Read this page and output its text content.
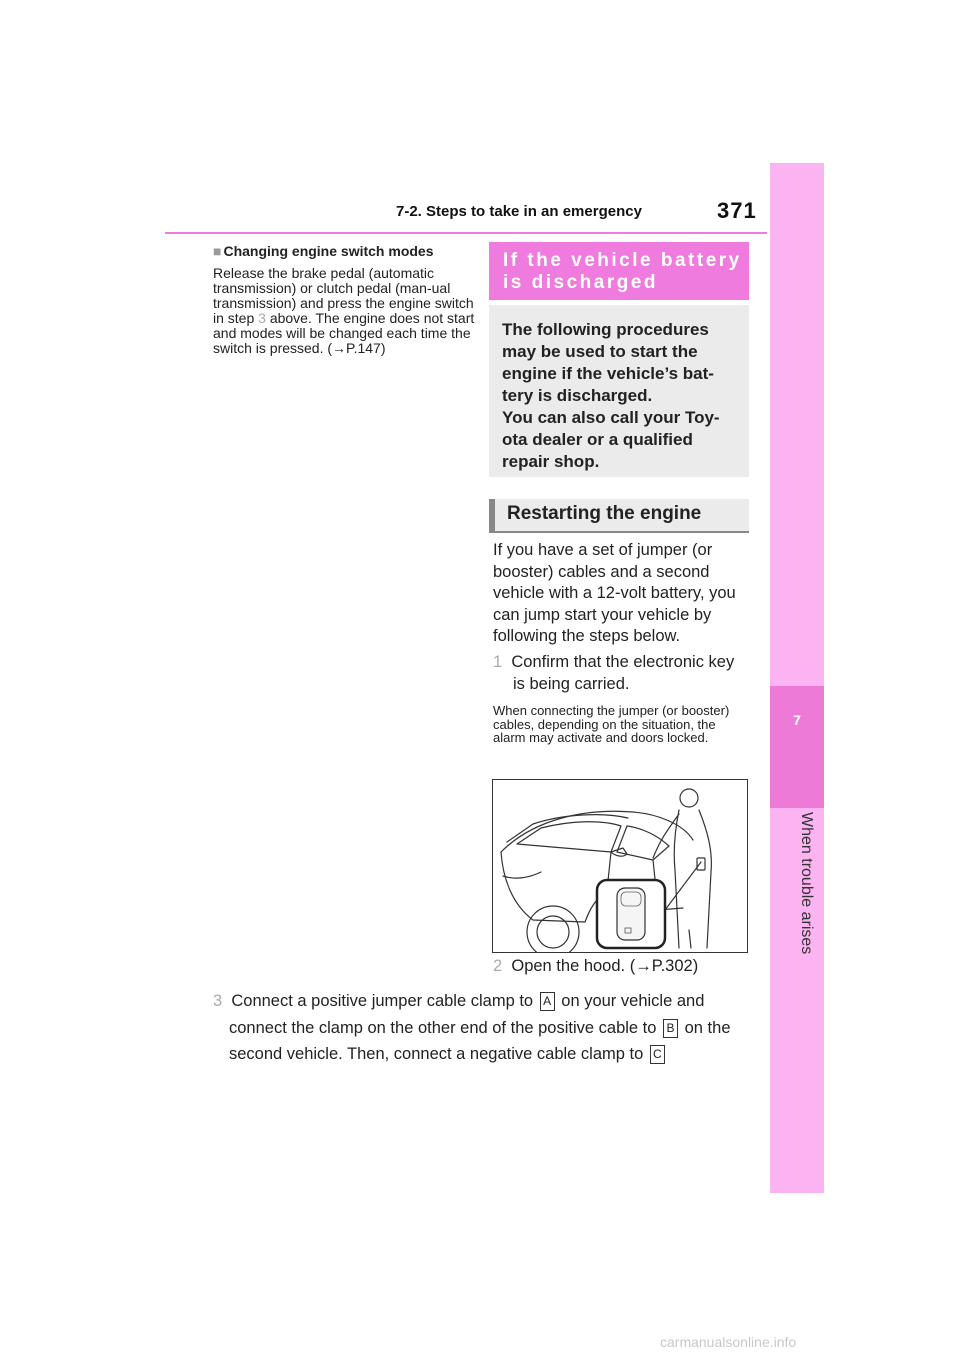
7-2. Steps to take in an emergency	371
7
When trouble arises
■ Changing engine switch modes
Release the brake pedal (automatic transmission) or clutch pedal (man-ual transmission) and press the engine switch in step 3 above. The engine does not start and modes will be changed each time the switch is pressed. (→P.147)
If the vehicle battery is discharged
The following procedures may be used to start the engine if the vehicle’s bat-tery is discharged.
You can also call your Toy-ota dealer or a qualified repair shop.
Restarting the engine
If you have a set of jumper (or booster) cables and a second vehicle with a 12-volt battery, you can jump start your vehicle by following the steps below.
1 Confirm that the electronic key is being carried.
When connecting the jumper (or booster) cables, depending on the situation, the alarm may activate and doors locked.
2 Open the hood. (→P.302)
3 Connect a positive jumper cable clamp to A on your vehicle and connect the clamp on the other end of the positive cable to B on the second vehicle. Then, connect a negative cable clamp to C
carmanualsonline.info
